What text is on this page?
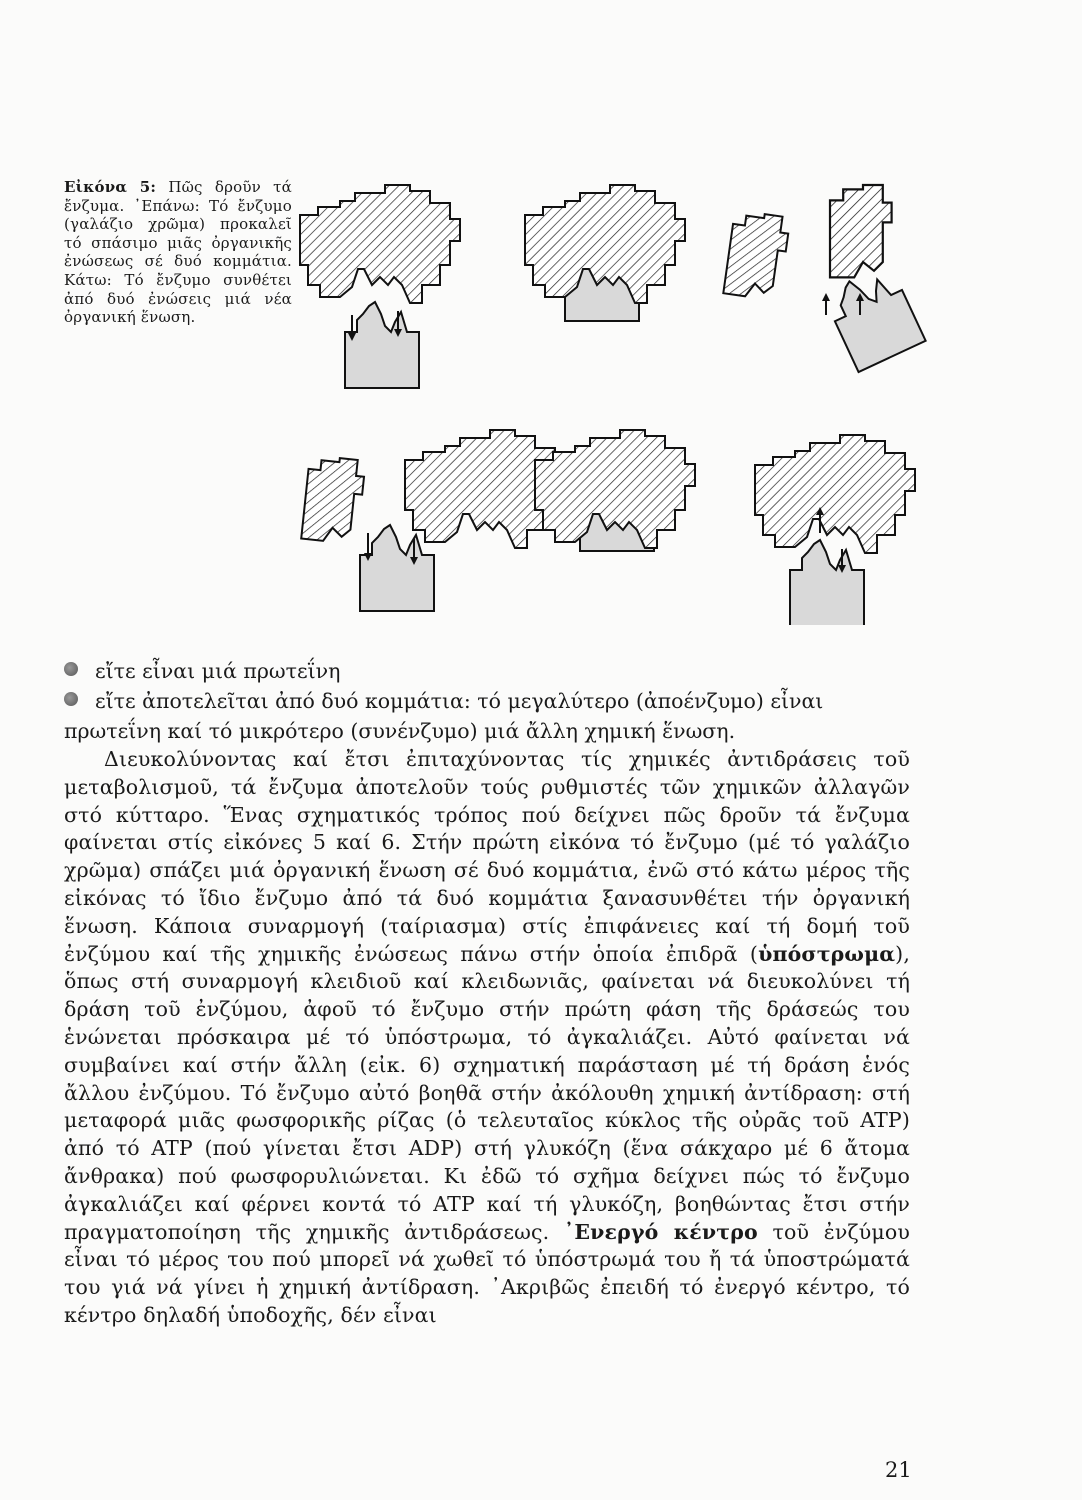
Εἰκόνα 5: Πῶς δροῦν τά ἔνζυμα. ᾿Επάνω: Τό ἔνζυμο (γαλάζιο χρῶμα) προκαλεῖ τό σπάσιμο μιᾶς ὀργανικῆς ἐνώσεως σέ δυό κομμάτια. Κάτω: Τό ἔνζυμο συνθέτει ἀπό δυό ἐνώσεις μιά νέα ὀργανική ἕνωση.
εἴτε εἶναι μιά πρωτεΐνη
εἴτε ἀποτελεῖται ἀπό δυό κομμάτια: τό μεγαλύτερο (ἀποένζυμο) εἶναι
πρωτεΐνη καί τό μικρότερο (συνένζυμο) μιά ἄλλη χημική ἕνωση.
Διευκολύνοντας καί ἔτσι ἐπιταχύνοντας τίς χημικές ἀντιδράσεις τοῦ μεταβολισμοῦ, τά ἔνζυμα ἀποτελοῦν τούς ρυθμιστές τῶν χημικῶν ἀλλαγῶν στό κύτταρο. Ἕνας σχηματικός τρόπος πού δείχνει πῶς δροῦν τά ἔνζυμα φαίνεται στίς εἰκόνες 5 καί 6. Στήν πρώτη εἰκόνα τό ἔνζυμο (μέ τό γαλάζιο χρῶμα) σπάζει μιά ὀργανική ἕνωση σέ δυό κομμάτια, ἐνῶ στό κάτω μέρος τῆς εἰκόνας τό ἴδιο ἔνζυμο ἀπό τά δυό κομμάτια ξανασυνθέτει τήν ὀργανική ἕνωση. Κάποια συναρμογή (ταίριασμα) στίς ἐπιφάνειες καί τή δομή τοῦ ἐνζύμου καί τῆς χημικῆς ἐνώσεως πάνω στήν ὁποία ἐπιδρᾶ (ὑπόστρωμα), ὅπως στή συναρμογή κλειδιοῦ καί κλειδωνιᾶς, φαίνεται νά διευκολύνει τή δράση τοῦ ἐνζύμου, ἀφοῦ τό ἔνζυμο στήν πρώτη φάση τῆς δράσεώς του ἑνώνεται πρόσκαιρα μέ τό ὑπόστρωμα, τό ἀγκαλιάζει. Αὐτό φαίνεται νά συμβαίνει καί στήν ἄλλη (εἰκ. 6) σχηματική παράσταση μέ τή δράση ἑνός ἄλλου ἐνζύμου. Τό ἔνζυμο αὐτό βοηθᾶ στήν ἀκόλουθη χημική ἀντίδραση: στή μεταφορά μιᾶς φωσφορικῆς ρίζας (ὁ τελευταῖος κύκλος τῆς οὐρᾶς τοῦ ATP) ἀπό τό ATP (πού γίνεται ἔτσι ADP) στή γλυκόζη (ἕνα σάκχαρο μέ 6 ἄτομα ἄνθρακα) πού φωσφορυλιώνεται. Κι ἐδῶ τό σχῆμα δείχνει πώς τό ἔνζυμο ἀγκαλιάζει καί φέρνει κοντά τό ATP καί τή γλυκόζη, βοηθώντας ἔτσι στήν πραγματοποίηση τῆς χημικῆς ἀντιδράσεως. ᾿Ενεργό κέντρο τοῦ ἐνζύμου εἶναι τό μέρος του πού μπορεῖ νά χωθεῖ τό ὑπόστρωμά του ἤ τά ὑποστρώματά του γιά νά γίνει ἡ χημική ἀντίδραση. ᾿Ακριβῶς ἐπειδή τό ἐνεργό κέντρο, τό κέντρο δηλαδή ὑποδοχῆς, δέν εἶναι
21
